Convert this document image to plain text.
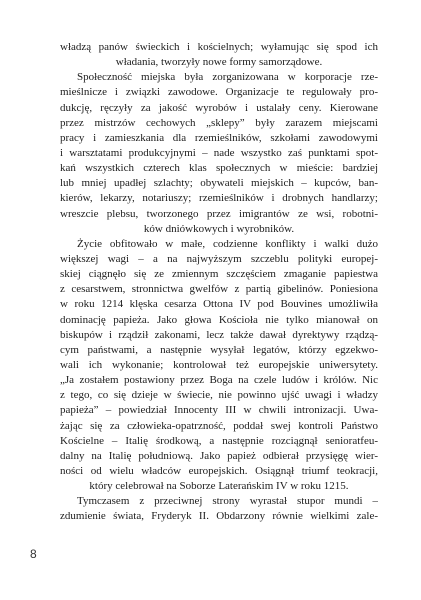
władzą panów świeckich i kościelnych; wyłamując się spod ich
władania, tworzyły nowe formy samorządowe.
Społeczność miejska była zorganizowana w korporacje rze-
mieślnicze i związki zawodowe. Organizacje te regulowały pro-
dukcję, ręczyły za jakość wyrobów i ustalały ceny. Kierowane
przez mistrzów cechowych „sklepy” były zarazem miejscami
pracy i zamieszkania dla rzemieślników, szkołami zawodowymi
i warsztatami produkcyjnymi – nade wszystko zaś punktami spot-
kań wszystkich czterech klas społecznych w mieście: bardziej
lub mniej upadłej szlachty; obywateli miejskich – kupców, ban-
kierów, lekarzy, notariuszy; rzemieślników i drobnych handlarzy;
wreszcie plebsu, tworzonego przez imigrantów ze wsi, robotni-
ków dniówkowych i wyrobników.
Życie obfitowało w małe, codzienne konflikty i walki dużo
większej wagi – a na najwyższym szczeblu polityki europej-
skiej ciągnęło się ze zmiennym szczęściem zmaganie papiestwa
z cesarstwem, stronnictwa gwelfów z partią gibelinów. Poniesiona
w roku 1214 klęska cesarza Ottona IV pod Bouvines umożliwiła
dominację papieża. Jako głowa Kościoła nie tylko mianował on
biskupów i rządził zakonami, lecz także dawał dyrektywy rządzą-
cym państwami, a następnie wysyłał legatów, którzy egzekwo-
wali ich wykonanie; kontrolował też europejskie uniwersytety.
„Ja zostałem postawiony przez Boga na czele ludów i królów. Nic
z tego, co się dzieje w świecie, nie powinno ujść uwagi i władzy
papieża” – powiedział Innocenty III w chwili intronizacji. Uwa-
żając się za człowieka-opatrzność, poddał swej kontroli Państwo
Kościelne – Italię środkową, a następnie rozciągnął senioratfeu-
dalny na Italię południową. Jako papież odbierał przysięgę wier-
ności od wielu władców europejskich. Osiągnął triumf teokracji,
który celebrował na Soborze Laterańskim IV w roku 1215.
Tymczasem z przeciwnej strony wyrastał stupor mundi –
zdumienie świata, Fryderyk II. Obdarzony równie wielkimi zale-
8
